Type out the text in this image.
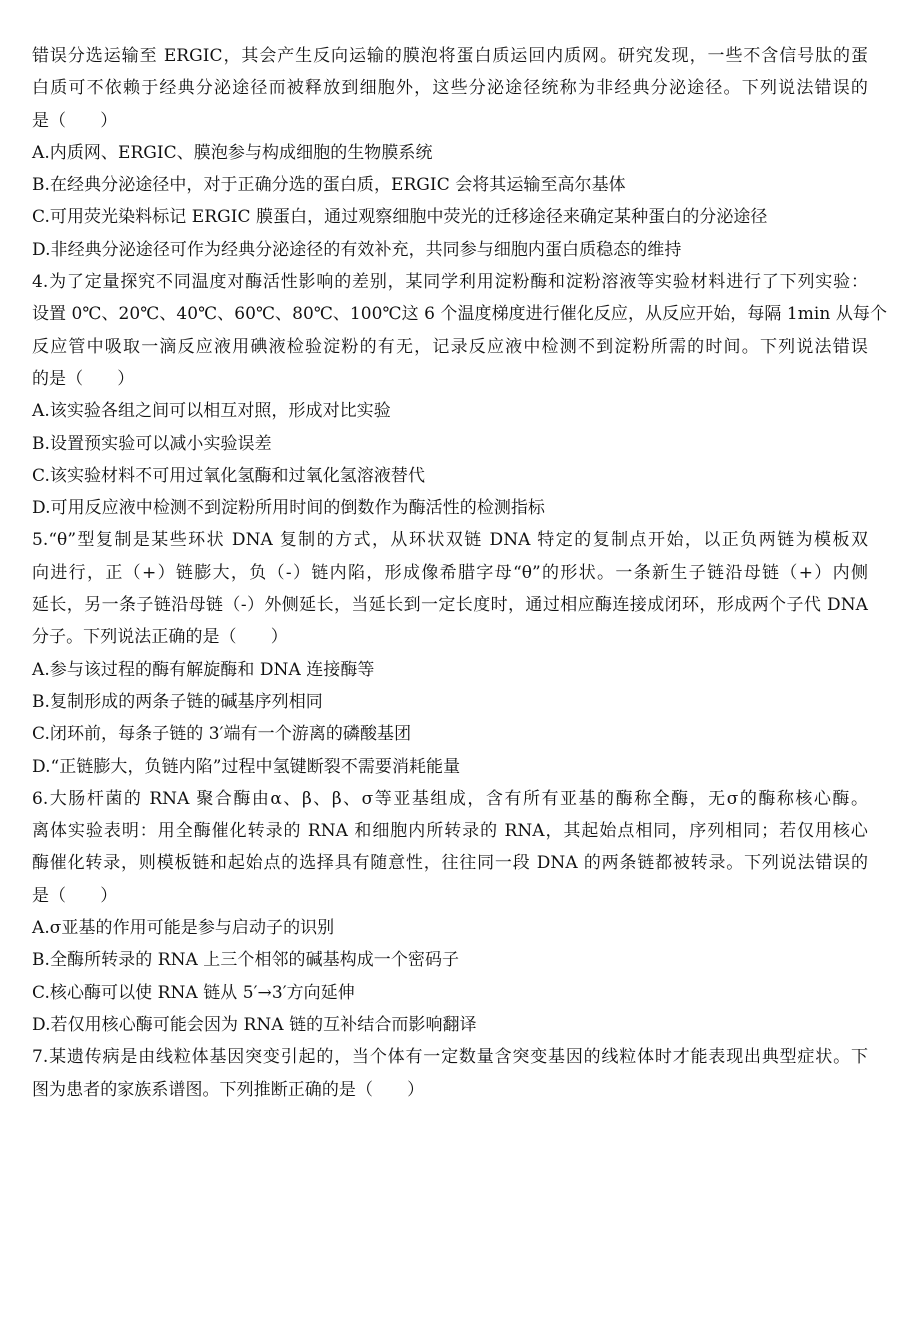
错误分选运输至 ERGIC，其会产生反向运输的膜泡将蛋白质运回内质网。研究发现，一些不含信号肽的蛋
白质可不依赖于经典分泌途径而被释放到细胞外，这些分泌途径统称为非经典分泌途径。下列说法错误的
是（　　）
A.内质网、ERGIC、膜泡参与构成细胞的生物膜系统
B.在经典分泌途径中，对于正确分选的蛋白质，ERGIC 会将其运输至高尔基体
C.可用荧光染料标记 ERGIC 膜蛋白，通过观察细胞中荧光的迁移途径来确定某种蛋白的分泌途径
D.非经典分泌途径可作为经典分泌途径的有效补充，共同参与细胞内蛋白质稳态的维持
4.为了定量探究不同温度对酶活性影响的差别，某同学利用淀粉酶和淀粉溶液等实验材料进行了下列实验：
设置 0℃、20℃、40℃、60℃、80℃、100℃这 6 个温度梯度进行催化反应，从反应开始，每隔 1min 从每个
反应管中吸取一滴反应液用碘液检验淀粉的有无，记录反应液中检测不到淀粉所需的时间。下列说法错误
的是（　　）
A.该实验各组之间可以相互对照，形成对比实验
B.设置预实验可以减小实验误差
C.该实验材料不可用过氧化氢酶和过氧化氢溶液替代
D.可用反应液中检测不到淀粉所用时间的倒数作为酶活性的检测指标
5.“θ”型复制是某些环状 DNA 复制的方式，从环状双链 DNA 特定的复制点开始，以正负两链为模板双
向进行，正（+）链膨大，负（-）链内陷，形成像希腊字母“θ”的形状。一条新生子链沿母链（+）内侧
延长，另一条子链沿母链（-）外侧延长，当延长到一定长度时，通过相应酶连接成闭环，形成两个子代 DNA
分子。下列说法正确的是（　　）
A.参与该过程的酶有解旋酶和 DNA 连接酶等
B.复制形成的两条子链的碱基序列相同
C.闭环前，每条子链的 3′端有一个游离的磷酸基团
D.“正链膨大，负链内陷”过程中氢键断裂不需要消耗能量
6.大肠杆菌的 RNA 聚合酶由α、β、β、σ等亚基组成，含有所有亚基的酶称全酶，无σ的酶称核心酶。
离体实验表明：用全酶催化转录的 RNA 和细胞内所转录的 RNA，其起始点相同，序列相同；若仅用核心
酶催化转录，则模板链和起始点的选择具有随意性，往往同一段 DNA 的两条链都被转录。下列说法错误的
是（　　）
A.σ亚基的作用可能是参与启动子的识别
B.全酶所转录的 RNA 上三个相邻的碱基构成一个密码子
C.核心酶可以使 RNA 链从 5′→3′方向延伸
D.若仅用核心酶可能会因为 RNA 链的互补结合而影响翻译
7.某遗传病是由线粒体基因突变引起的，当个体有一定数量含突变基因的线粒体时才能表现出典型症状。下
图为患者的家族系谱图。下列推断正确的是（　　）
